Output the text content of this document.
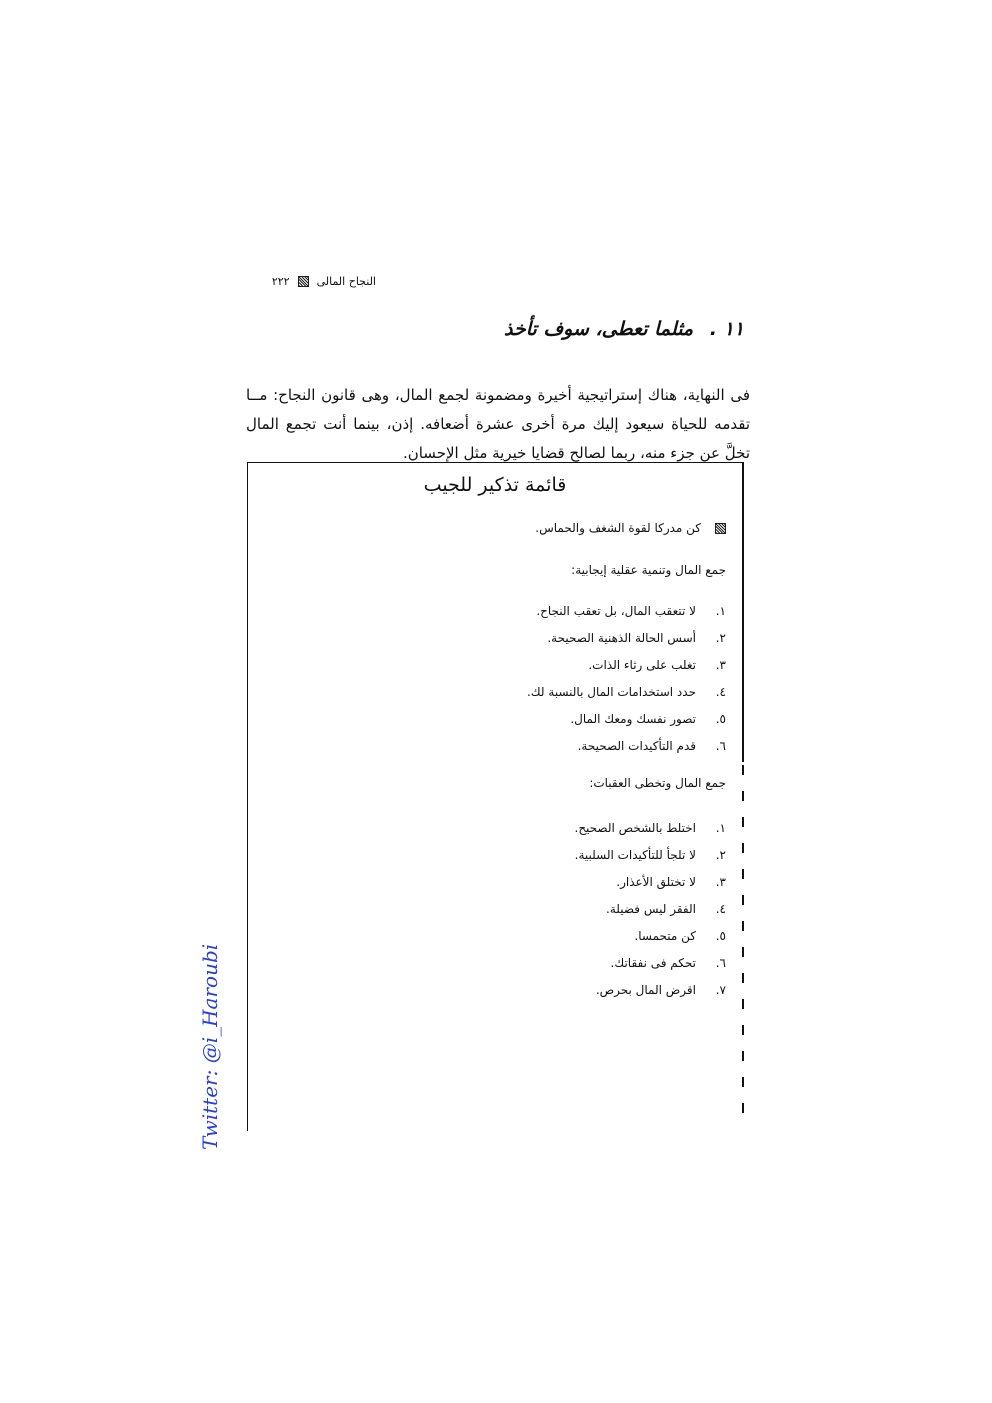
النجاح المالى
٢٢٢
١١ . مثلما تعطى، سوف تأخذ

فى النهاية، هناك إستراتيجية أخيرة ومضمونة لجمع المال، وهى قانون النجاح: مــا تقدمه للحياة سيعود إليك مرة أخرى عشرة أضعافه. إذن، بينما أنت تجمع المال تخلَّ عن جزء منه، ربما لصالح قضايا خيرية مثل الإحسان.

قائمة تذكير للجيب
كن مدركا لقوة الشغف والحماس.
جمع المال وتنمية عقلية إيجابية:
١.
لا تتعقب المال، بل تعقب النجاح.
٢.
أسس الحالة الذهنية الصحيحة.
٣.
تغلب على رثاء الذات.
٤.
حدد استخدامات المال بالنسبة لك.
٥.
تصور نفسك ومعك المال.
٦.
قدم التأكيدات الصحيحة.
جمع المال وتخطى العقبات:
١.
اختلط بالشخص الصحيح.
٢.
لا تلجأ للتأكيدات السلبية.
٣.
لا تختلق الأعذار.
٤.
الفقر ليس فضيلة.
٥.
كن متحمسا.
٦.
تحكم فى نفقاتك.
٧.
اقرض المال بحرص.
Twitter: @i_Haroubi
